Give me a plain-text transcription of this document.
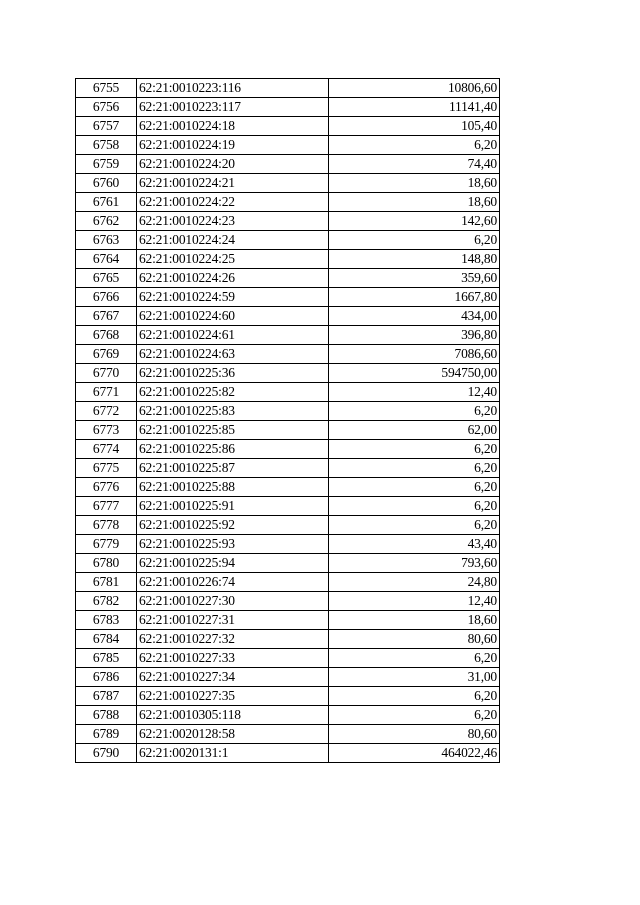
6755	62:21:0010223:116	10806,60
6756	62:21:0010223:117	11141,40
6757	62:21:0010224:18	105,40
6758	62:21:0010224:19	6,20
6759	62:21:0010224:20	74,40
6760	62:21:0010224:21	18,60
6761	62:21:0010224:22	18,60
6762	62:21:0010224:23	142,60
6763	62:21:0010224:24	6,20
6764	62:21:0010224:25	148,80
6765	62:21:0010224:26	359,60
6766	62:21:0010224:59	1667,80
6767	62:21:0010224:60	434,00
6768	62:21:0010224:61	396,80
6769	62:21:0010224:63	7086,60
6770	62:21:0010225:36	594750,00
6771	62:21:0010225:82	12,40
6772	62:21:0010225:83	6,20
6773	62:21:0010225:85	62,00
6774	62:21:0010225:86	6,20
6775	62:21:0010225:87	6,20
6776	62:21:0010225:88	6,20
6777	62:21:0010225:91	6,20
6778	62:21:0010225:92	6,20
6779	62:21:0010225:93	43,40
6780	62:21:0010225:94	793,60
6781	62:21:0010226:74	24,80
6782	62:21:0010227:30	12,40
6783	62:21:0010227:31	18,60
6784	62:21:0010227:32	80,60
6785	62:21:0010227:33	6,20
6786	62:21:0010227:34	31,00
6787	62:21:0010227:35	6,20
6788	62:21:0010305:118	6,20
6789	62:21:0020128:58	80,60
6790	62:21:0020131:1	464022,46
